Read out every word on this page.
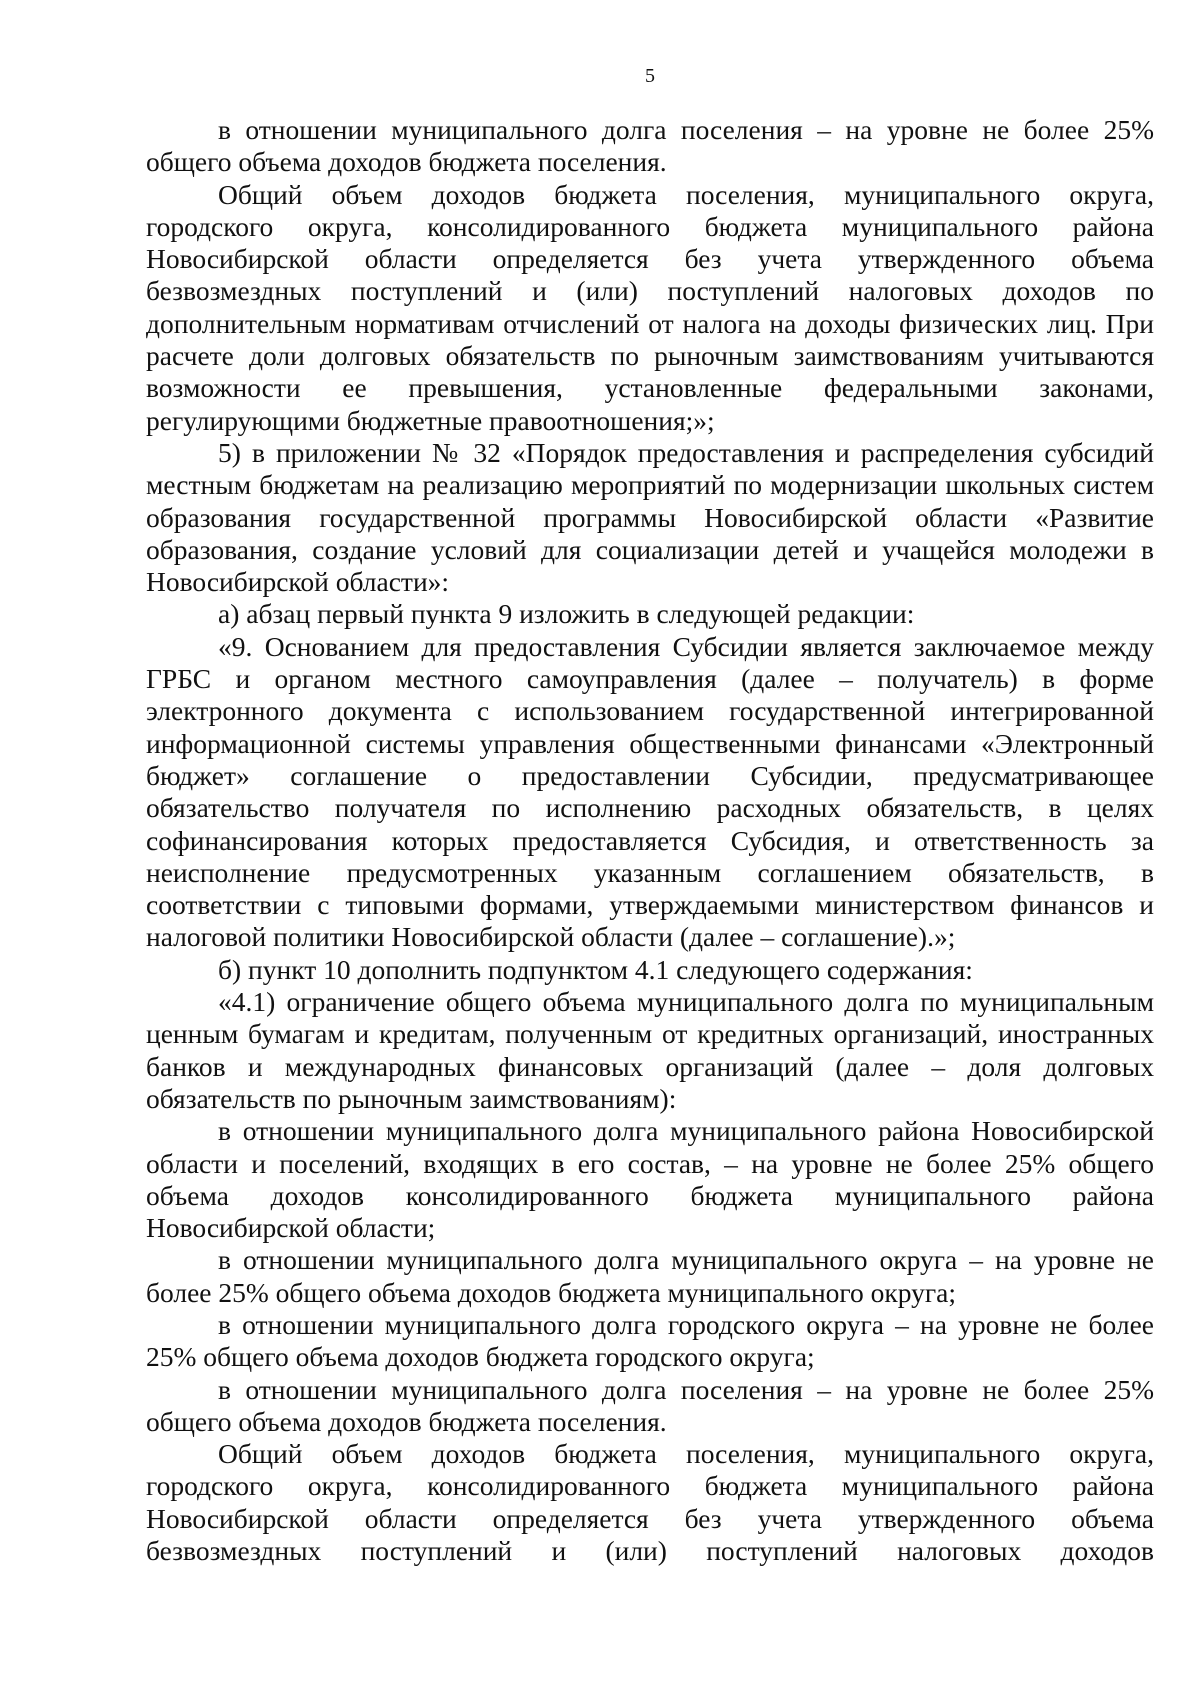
5

в отношении муниципального долга поселения – на уровне не более 25% общего объема доходов бюджета поселения.

Общий объем доходов бюджета поселения, муниципального округа, городского округа, консолидированного бюджета муниципального района Новосибирской области определяется без учета утвержденного объема безвозмездных поступлений и (или) поступлений налоговых доходов по дополнительным нормативам отчислений от налога на доходы физических лиц. При расчете доли долговых обязательств по рыночным заимствованиям учитываются возможности ее превышения, установленные федеральными законами, регулирующими бюджетные правоотношения;»;

5) в приложении № 32 «Порядок предоставления и распределения субсидий местным бюджетам на реализацию мероприятий по модернизации школьных систем образования государственной программы Новосибирской области «Развитие образования, создание условий для социализации детей и учащейся молодежи в Новосибирской области»:

а) абзац первый пункта 9 изложить в следующей редакции:

«9. Основанием для предоставления Субсидии является заключаемое между ГРБС и органом местного самоуправления (далее – получатель) в форме электронного документа с использованием государственной интегрированной информационной системы управления общественными финансами «Электронный бюджет» соглашение о предоставлении Субсидии, предусматривающее обязательство получателя по исполнению расходных обязательств, в целях софинансирования которых предоставляется Субсидия, и ответственность за неисполнение предусмотренных указанным соглашением обязательств, в соответствии с типовыми формами, утверждаемыми министерством финансов и налоговой политики Новосибирской области (далее – соглашение).»;

б) пункт 10 дополнить подпунктом 4.1 следующего содержания:

«4.1) ограничение общего объема муниципального долга по муниципальным ценным бумагам и кредитам, полученным от кредитных организаций, иностранных банков и международных финансовых организаций (далее – доля долговых обязательств по рыночным заимствованиям):

в отношении муниципального долга муниципального района Новосибирской области и поселений, входящих в его состав, – на уровне не более 25% общего объема доходов консолидированного бюджета муниципального района Новосибирской области;

в отношении муниципального долга муниципального округа – на уровне не более 25% общего объема доходов бюджета муниципального округа;

в отношении муниципального долга городского округа – на уровне не более 25% общего объема доходов бюджета городского округа;

в отношении муниципального долга поселения – на уровне не более 25% общего объема доходов бюджета поселения.

Общий объем доходов бюджета поселения, муниципального округа, городского округа, консолидированного бюджета муниципального района Новосибирской области определяется без учета утвержденного объема безвозмездных поступлений и (или) поступлений налоговых доходов
